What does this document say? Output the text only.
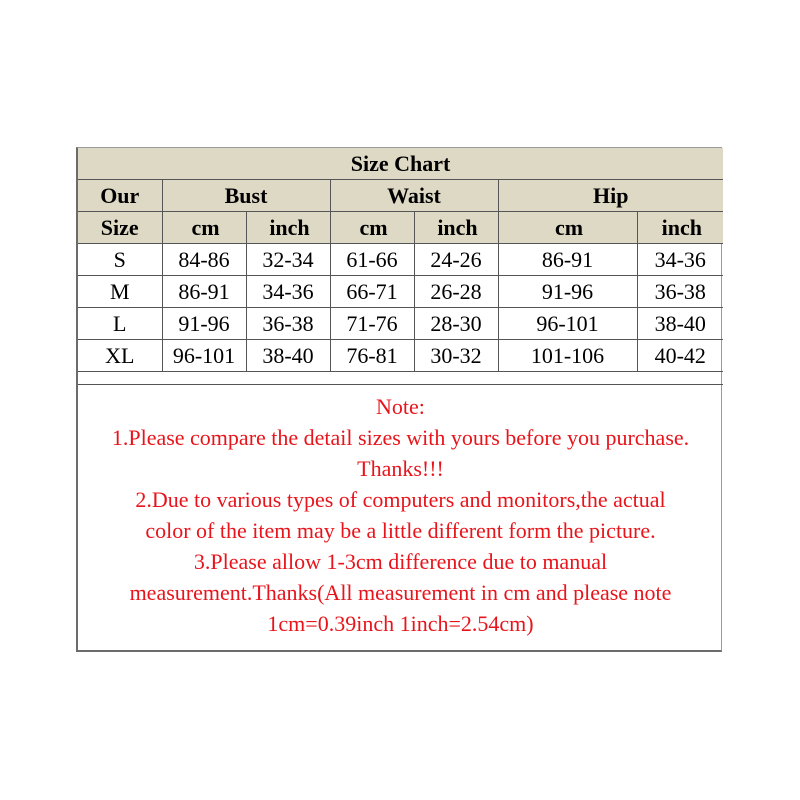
Size Chart						
Our	Bust		Waist		Hip	
Size	cm	inch	cm	inch	cm	inch
S	84-86	32-34	61-66	24-26	86-91	34-36
M	86-91	34-36	66-71	26-28	91-96	36-38
L	91-96	36-38	71-76	28-30	96-101	38-40
XL	96-101	38-40	76-81	30-32	101-106	40-42
Note:
1.Please compare the detail sizes with yours before you purchase.
Thanks!!!
2.Due to various types of computers and monitors,the actual
color of the item may be a little different form the picture.
3.Please allow 1-3cm difference due to manual
measurement.Thanks(All measurement in cm and please note
1cm=0.39inch 1inch=2.54cm)
